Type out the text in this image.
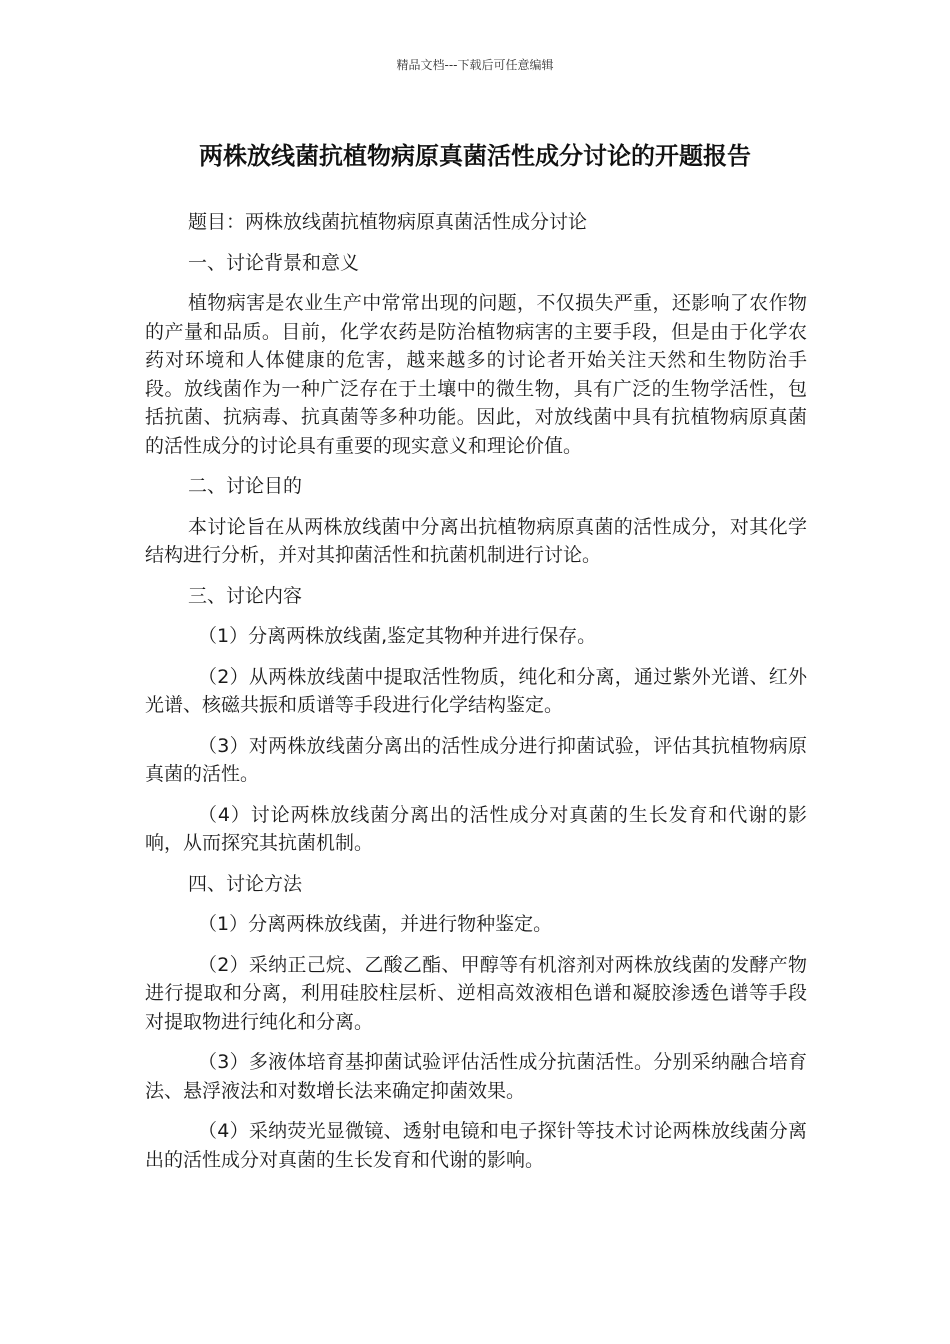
精品文档---下载后可任意编辑
两株放线菌抗植物病原真菌活性成分讨论的开题报告

题目：两株放线菌抗植物病原真菌活性成分讨论

一、讨论背景和意义

植物病害是农业生产中常常出现的问题，不仅损失严重，还影响了农作物的产量和品质。目前，化学农药是防治植物病害的主要手段，但是由于化学农药对环境和人体健康的危害，越来越多的讨论者开始关注天然和生物防治手段。放线菌作为一种广泛存在于土壤中的微生物，具有广泛的生物学活性，包括抗菌、抗病毒、抗真菌等多种功能。因此，对放线菌中具有抗植物病原真菌的活性成分的讨论具有重要的现实意义和理论价值。

二、讨论目的

本讨论旨在从两株放线菌中分离出抗植物病原真菌的活性成分，对其化学结构进行分析，并对其抑菌活性和抗菌机制进行讨论。

三、讨论内容

（1）分离两株放线菌,鉴定其物种并进行保存。

（2）从两株放线菌中提取活性物质，纯化和分离，通过紫外光谱、红外光谱、核磁共振和质谱等手段进行化学结构鉴定。

（3）对两株放线菌分离出的活性成分进行抑菌试验，评估其抗植物病原真菌的活性。

（4）讨论两株放线菌分离出的活性成分对真菌的生长发育和代谢的影响，从而探究其抗菌机制。

四、讨论方法

（1）分离两株放线菌，并进行物种鉴定。

（2）采纳正己烷、乙酸乙酯、甲醇等有机溶剂对两株放线菌的发酵产物进行提取和分离，利用硅胶柱层析、逆相高效液相色谱和凝胶渗透色谱等手段对提取物进行纯化和分离。

（3）多液体培育基抑菌试验评估活性成分抗菌活性。分别采纳融合培育法、悬浮液法和对数增长法来确定抑菌效果。

（4）采纳荧光显微镜、透射电镜和电子探针等技术讨论两株放线菌分离出的活性成分对真菌的生长发育和代谢的影响。
